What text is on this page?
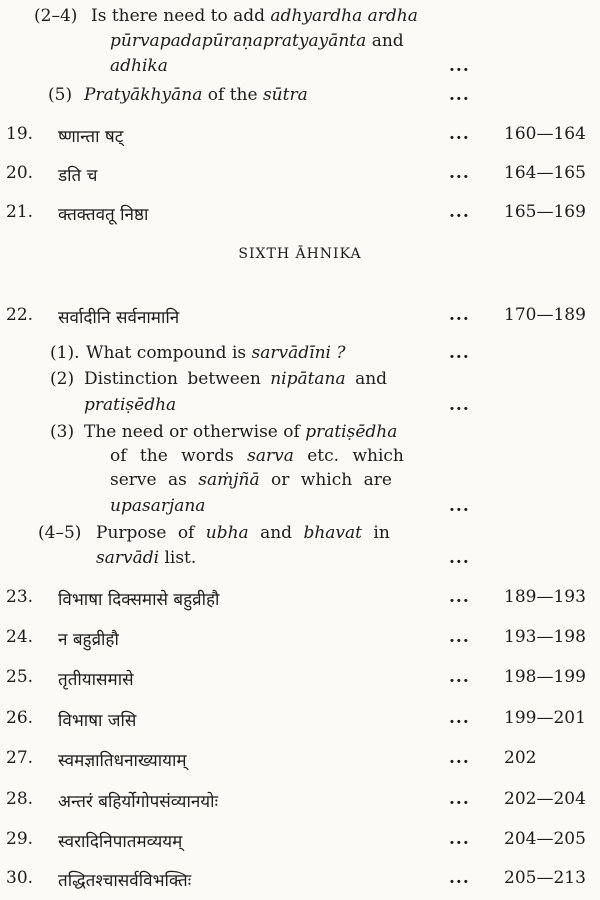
(2–4) Is there need to add adhyardha ardha
pūrvapadapūraṇapratyayānta and
adhika	...
(5) Pratyākhyāna of the sūtra	...
19. ष्णान्ता षट्	... 160—164
20. डति च	... 164—165
21. क्तक्तवतू निष्ठा	... 165—169
SIXTH ĀHNIKA
22. सर्वादीनि सर्वनामानि	... 170—189
(1). What compound is sarvādīni ?	...
(2) Distinction between nipātana and
pratiṣēdha	...
(3) The need or otherwise of pratiṣēdha
of the words sarva etc. which
serve as saṁjñā or which are
upasarjana	...
(4–5) Purpose of ubha and bhavat in
sarvādi list.	...
23. विभाषा दिक्समासे बहुव्रीहौ	... 189—193
24. न बहुव्रीहौ	... 193—198
25. तृतीयासमासे	... 198—199
26. विभाषा जसि	... 199—201
27. स्वमज्ञातिधनाख्यायाम्	... 202
28. अन्तरं बहिर्योगोपसंव्यानयोः	... 202—204
29. स्वरादिनिपातमव्ययम्	... 204—205
30. तद्धितश्चासर्वविभक्तिः	... 205—213
